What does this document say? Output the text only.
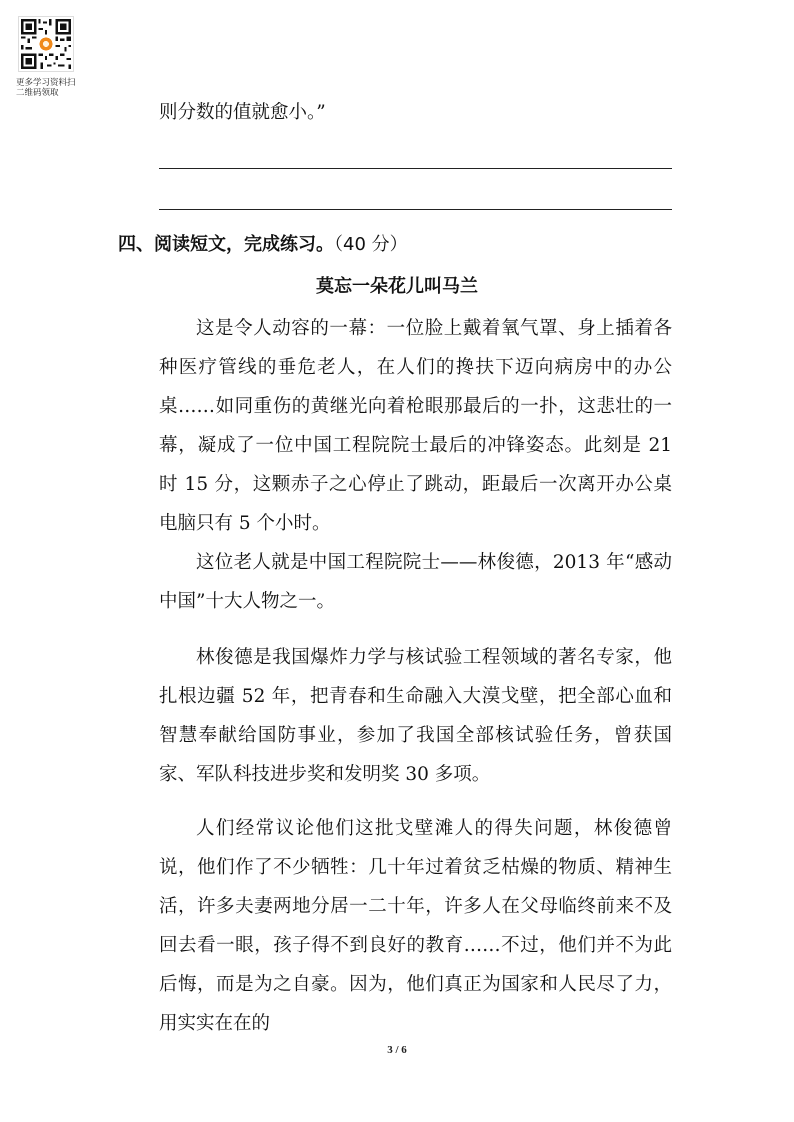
更多学习资料扫二维码领取

则分数的值就愈小。”

四、阅读短文，完成练习。（40 分）
莫忘一朵花儿叫马兰

这是令人动容的一幕：一位脸上戴着氧气罩、身上插着各种医疗管线的垂危老人，在人们的搀扶下迈向病房中的办公桌……如同重伤的黄继光向着枪眼那最后的一扑，这悲壮的一幕，凝成了一位中国工程院院士最后的冲锋姿态。此刻是 21 时 15 分，这颗赤子之心停止了跳动，距最后一次离开办公桌电脑只有 5 个小时。

这位老人就是中国工程院院士——林俊德，2013 年“感动中国”十大人物之一。

林俊德是我国爆炸力学与核试验工程领域的著名专家，他扎根边疆 52 年，把青春和生命融入大漠戈壁，把全部心血和智慧奉献给国防事业，参加了我国全部核试验任务，曾获国家、军队科技进步奖和发明奖 30 多项。

人们经常议论他们这批戈壁滩人的得失问题，林俊德曾说，他们作了不少牺牲：几十年过着贫乏枯燥的物质、精神生活，许多夫妻两地分居一二十年，许多人在父母临终前来不及回去看一眼，孩子得不到良好的教育……不过，他们并不为此后悔，而是为之自豪。因为，他们真正为国家和人民尽了力，用实实在在的

3 / 6
